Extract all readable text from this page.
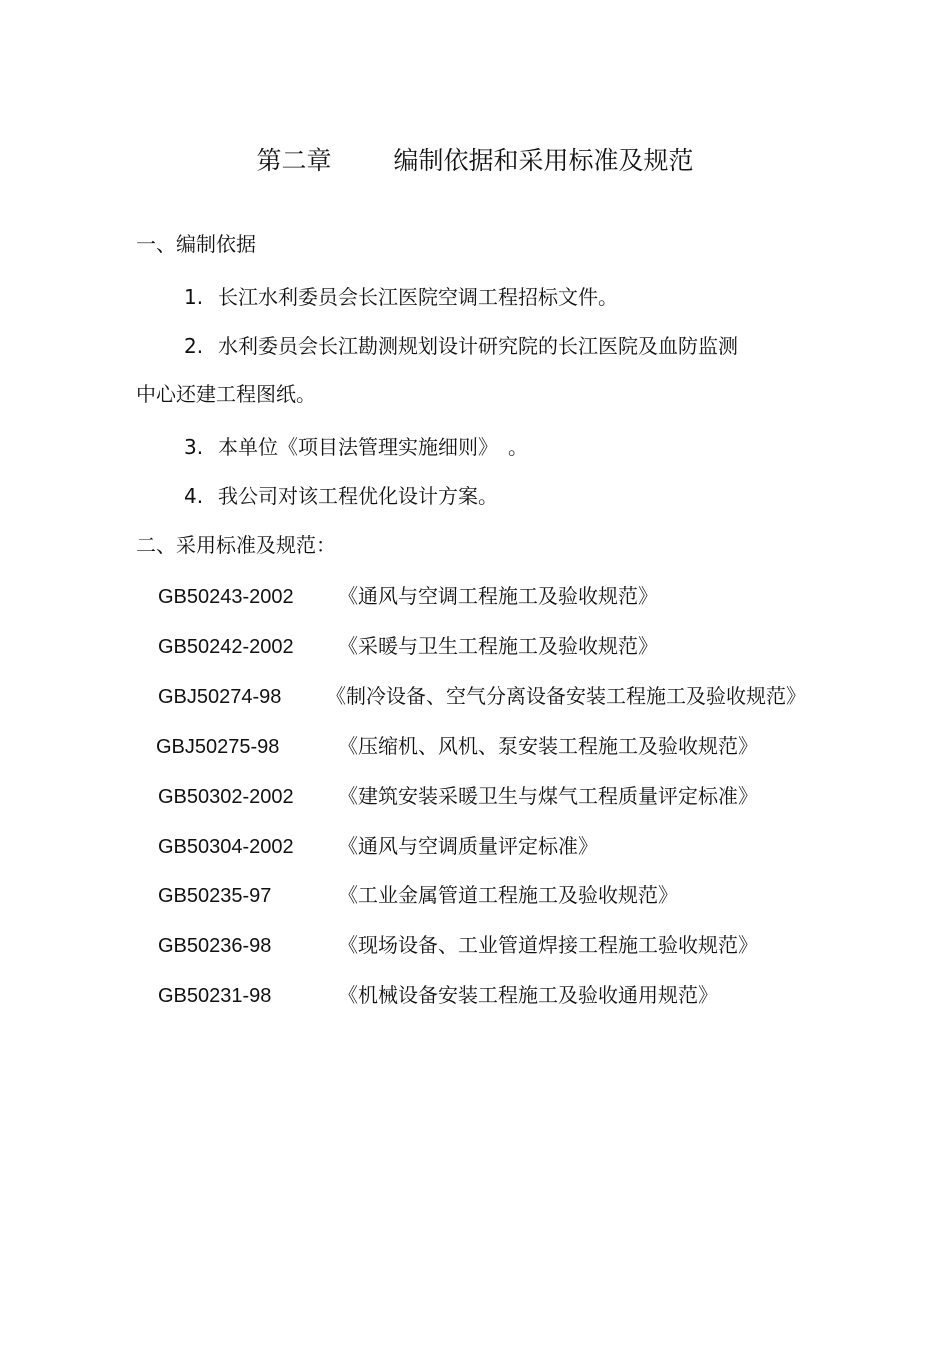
第二章 编制依据和采用标准及规范
一、编制依据
1. 长江水利委员会长江医院空调工程招标文件。
2. 水利委员会长江勘测规划设计研究院的长江医院及血防监测
中心还建工程图纸。
3. 本单位《项目法管理实施细则》　。
4. 我公司对该工程优化设计方案。
二、采用标准及规范：
GB50243-2002 《通风与空调工程施工及验收规范》
GB50242-2002 《采暖与卫生工程施工及验收规范》
GBJ50274-98 《制冷设备、空气分离设备安装工程施工及验收规范》
GBJ50275-98	《压缩机、风机、泵安装工程施工及验收规范》
GB50302-2002 《建筑安装采暖卫生与煤气工程质量评定标准》
GB50304-2002 《通风与空调质量评定标准》
GB50235-97	《工业金属管道工程施工及验收规范》
GB50236-98	《现场设备、工业管道焊接工程施工验收规范》
GB50231-98	《机械设备安装工程施工及验收通用规范》
